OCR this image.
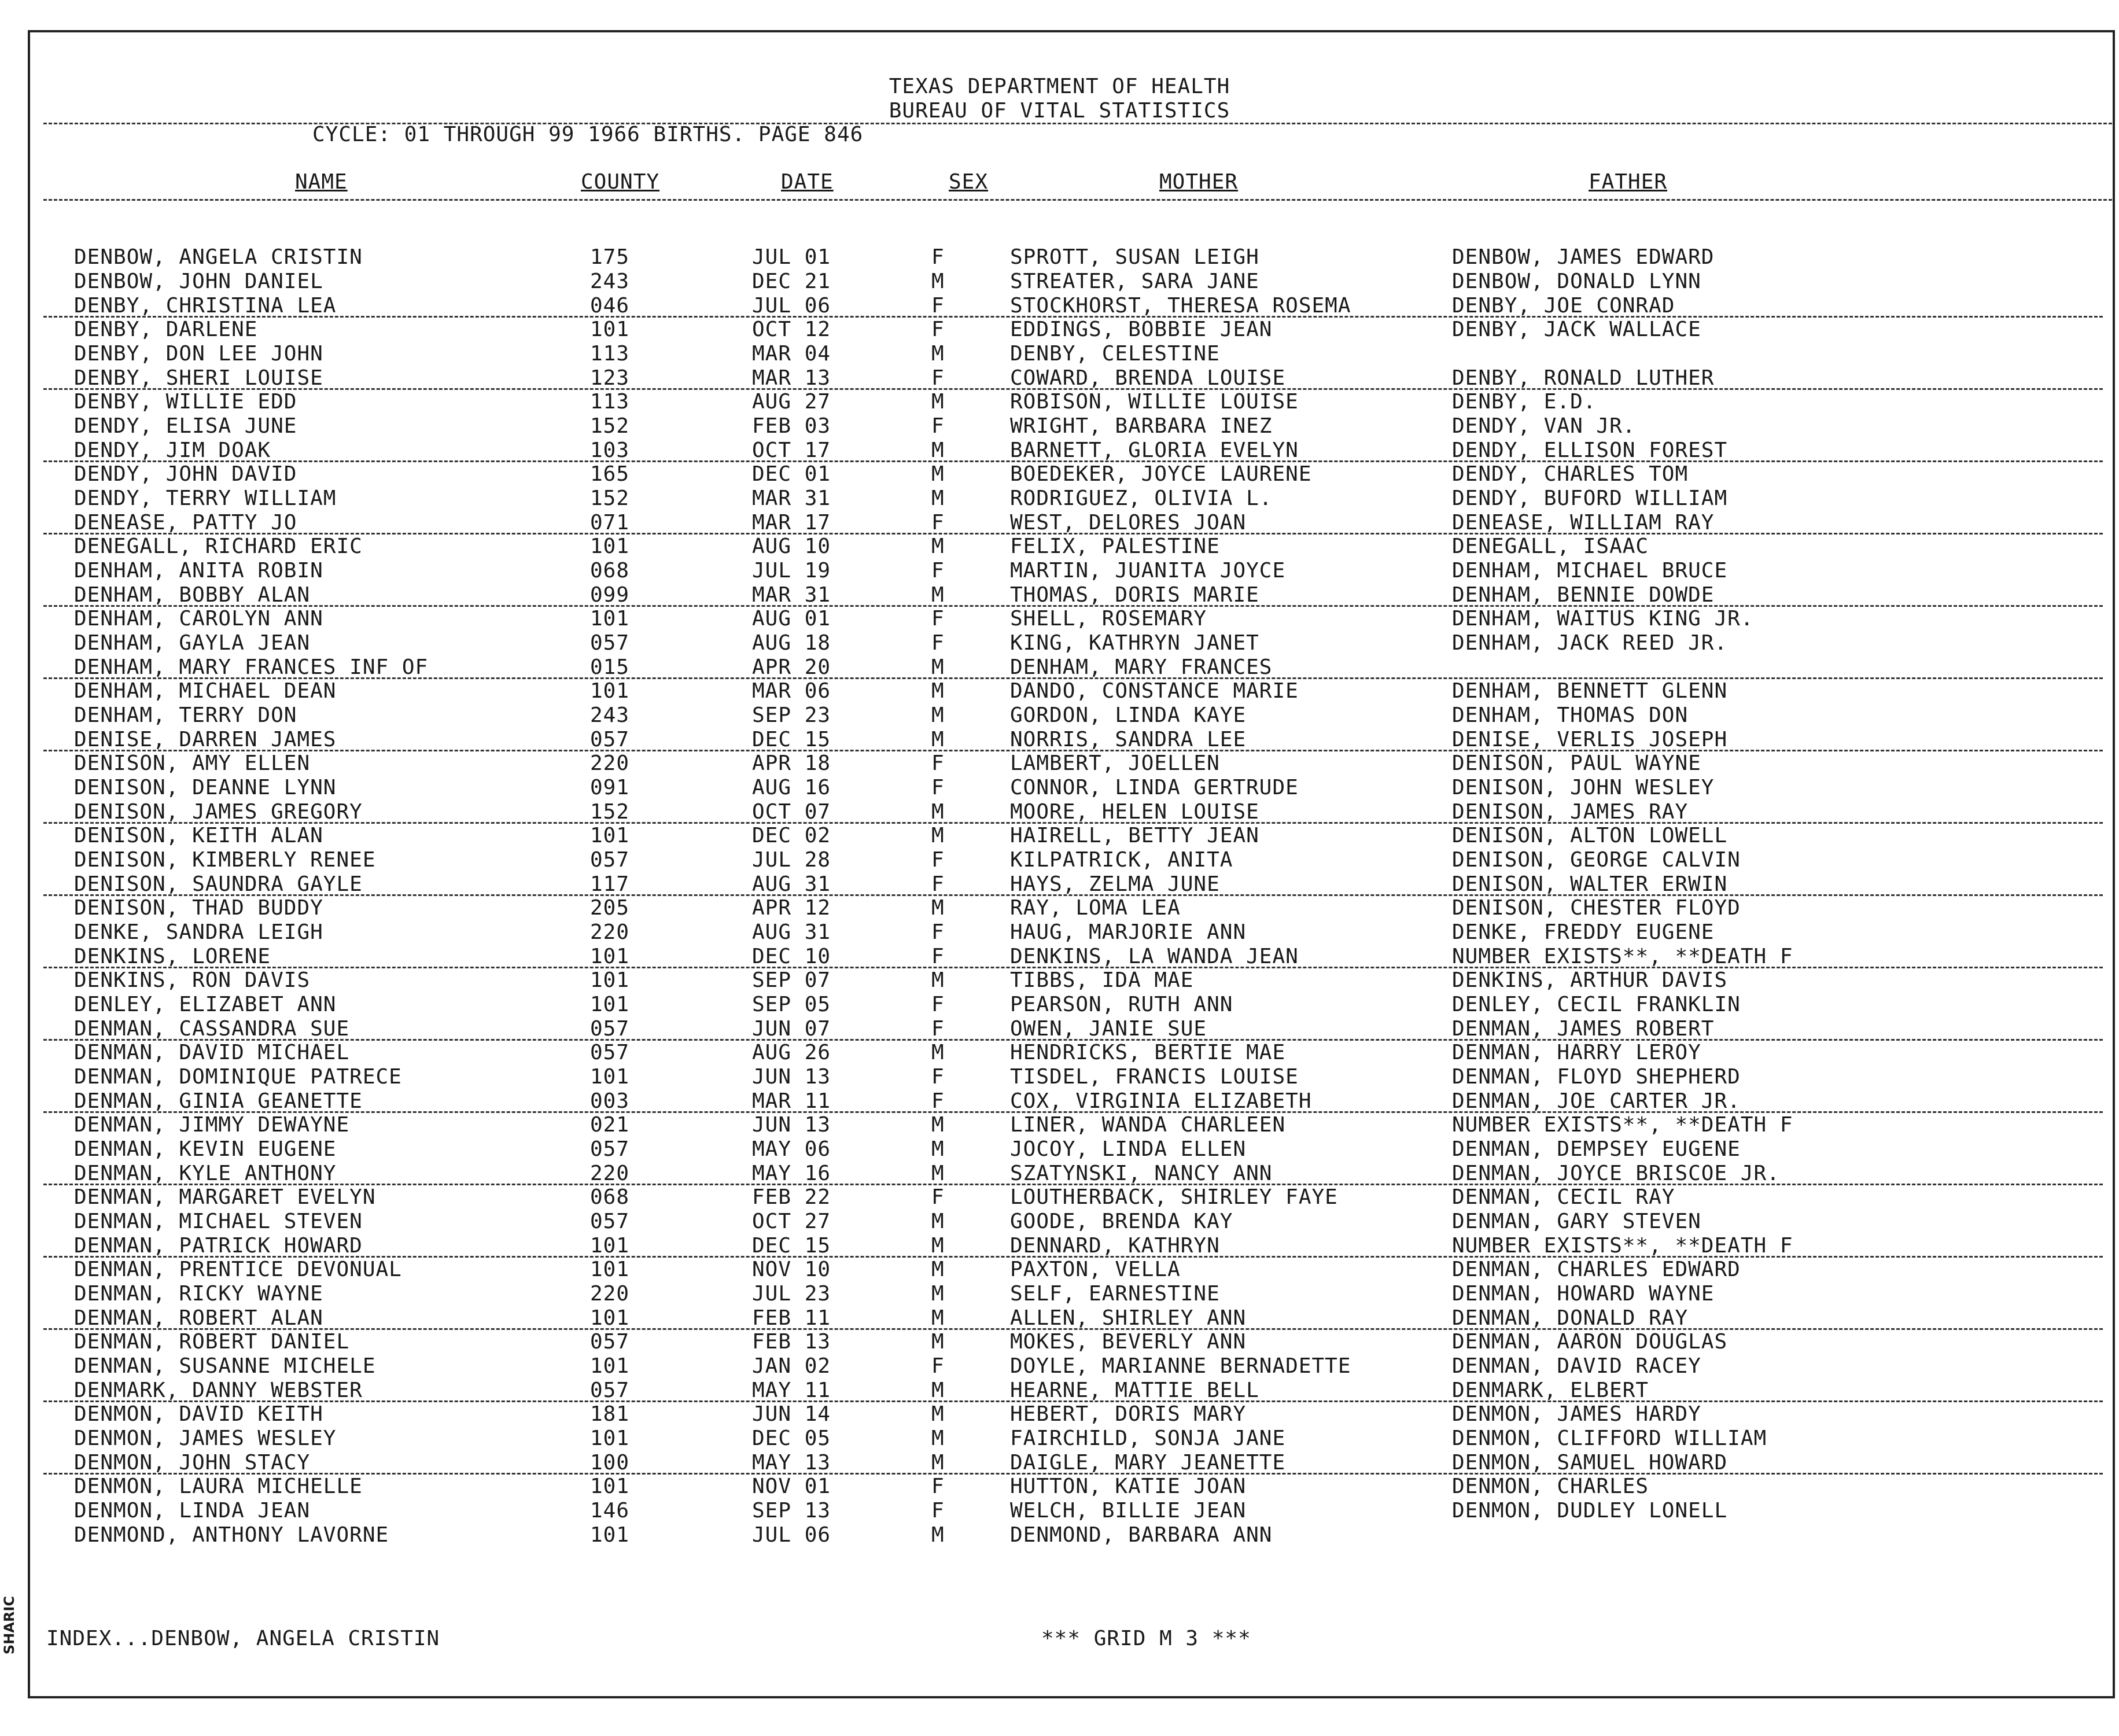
TEXAS DEPARTMENT OF HEALTH
BUREAU OF VITAL STATISTICS
CYCLE: 01 THROUGH 99 1966 BIRTHS. PAGE 846
NAME	COUNTY	DATE	SEX	MOTHER	FATHER
DENBOW, ANGELA CRISTIN	175	JUL 01	F	SPROTT, SUSAN LEIGH	DENBOW, JAMES EDWARD
DENBOW, JOHN DANIEL	243	DEC 21	M	STREATER, SARA JANE	DENBOW, DONALD LYNN
DENBY, CHRISTINA LEA	046	JUL 06	F	STOCKHORST, THERESA ROSEMA	DENBY, JOE CONRAD
DENBY, DARLENE	101	OCT 12	F	EDDINGS, BOBBIE JEAN	DENBY, JACK WALLACE
DENBY, DON LEE JOHN	113	MAR 04	M	DENBY, CELESTINE
DENBY, SHERI LOUISE	123	MAR 13	F	COWARD, BRENDA LOUISE	DENBY, RONALD LUTHER
DENBY, WILLIE EDD	113	AUG 27	M	ROBISON, WILLIE LOUISE	DENBY, E.D.
DENDY, ELISA JUNE	152	FEB 03	F	WRIGHT, BARBARA INEZ	DENDY, VAN JR.
DENDY, JIM DOAK	103	OCT 17	M	BARNETT, GLORIA EVELYN	DENDY, ELLISON FOREST
DENDY, JOHN DAVID	165	DEC 01	M	BOEDEKER, JOYCE LAURENE	DENDY, CHARLES TOM
DENDY, TERRY WILLIAM	152	MAR 31	M	RODRIGUEZ, OLIVIA L.	DENDY, BUFORD WILLIAM
DENEASE, PATTY JO	071	MAR 17	F	WEST, DELORES JOAN	DENEASE, WILLIAM RAY
DENEGALL, RICHARD ERIC	101	AUG 10	M	FELIX, PALESTINE	DENEGALL, ISAAC
DENHAM, ANITA ROBIN	068	JUL 19	F	MARTIN, JUANITA JOYCE	DENHAM, MICHAEL BRUCE
DENHAM, BOBBY ALAN	099	MAR 31	M	THOMAS, DORIS MARIE	DENHAM, BENNIE DOWDE
DENHAM, CAROLYN ANN	101	AUG 01	F	SHELL, ROSEMARY	DENHAM, WAITUS KING JR.
DENHAM, GAYLA JEAN	057	AUG 18	F	KING, KATHRYN JANET	DENHAM, JACK REED JR.
DENHAM, MARY FRANCES INF OF	015	APR 20	M	DENHAM, MARY FRANCES
DENHAM, MICHAEL DEAN	101	MAR 06	M	DANDO, CONSTANCE MARIE	DENHAM, BENNETT GLENN
DENHAM, TERRY DON	243	SEP 23	M	GORDON, LINDA KAYE	DENHAM, THOMAS DON
DENISE, DARREN JAMES	057	DEC 15	M	NORRIS, SANDRA LEE	DENISE, VERLIS JOSEPH
DENISON, AMY ELLEN	220	APR 18	F	LAMBERT, JOELLEN	DENISON, PAUL WAYNE
DENISON, DEANNE LYNN	091	AUG 16	F	CONNOR, LINDA GERTRUDE	DENISON, JOHN WESLEY
DENISON, JAMES GREGORY	152	OCT 07	M	MOORE, HELEN LOUISE	DENISON, JAMES RAY
DENISON, KEITH ALAN	101	DEC 02	M	HAIRELL, BETTY JEAN	DENISON, ALTON LOWELL
DENISON, KIMBERLY RENEE	057	JUL 28	F	KILPATRICK, ANITA	DENISON, GEORGE CALVIN
DENISON, SAUNDRA GAYLE	117	AUG 31	F	HAYS, ZELMA JUNE	DENISON, WALTER ERWIN
DENISON, THAD BUDDY	205	APR 12	M	RAY, LOMA LEA	DENISON, CHESTER FLOYD
DENKE, SANDRA LEIGH	220	AUG 31	F	HAUG, MARJORIE ANN	DENKE, FREDDY EUGENE
DENKINS, LORENE	101	DEC 10	F	DENKINS, LA WANDA JEAN	NUMBER EXISTS**, **DEATH F
DENKINS, RON DAVIS	101	SEP 07	M	TIBBS, IDA MAE	DENKINS, ARTHUR DAVIS
DENLEY, ELIZABET ANN	101	SEP 05	F	PEARSON, RUTH ANN	DENLEY, CECIL FRANKLIN
DENMAN, CASSANDRA SUE	057	JUN 07	F	OWEN, JANIE SUE	DENMAN, JAMES ROBERT
DENMAN, DAVID MICHAEL	057	AUG 26	M	HENDRICKS, BERTIE MAE	DENMAN, HARRY LEROY
DENMAN, DOMINIQUE PATRECE	101	JUN 13	F	TISDEL, FRANCIS LOUISE	DENMAN, FLOYD SHEPHERD
DENMAN, GINIA GEANETTE	003	MAR 11	F	COX, VIRGINIA ELIZABETH	DENMAN, JOE CARTER JR.
DENMAN, JIMMY DEWAYNE	021	JUN 13	M	LINER, WANDA CHARLEEN	NUMBER EXISTS**, **DEATH F
DENMAN, KEVIN EUGENE	057	MAY 06	M	JOCOY, LINDA ELLEN	DENMAN, DEMPSEY EUGENE
DENMAN, KYLE ANTHONY	220	MAY 16	M	SZATYNSKI, NANCY ANN	DENMAN, JOYCE BRISCOE JR.
DENMAN, MARGARET EVELYN	068	FEB 22	F	LOUTHERBACK, SHIRLEY FAYE	DENMAN, CECIL RAY
DENMAN, MICHAEL STEVEN	057	OCT 27	M	GOODE, BRENDA KAY	DENMAN, GARY STEVEN
DENMAN, PATRICK HOWARD	101	DEC 15	M	DENNARD, KATHRYN	NUMBER EXISTS**, **DEATH F
DENMAN, PRENTICE DEVONUAL	101	NOV 10	M	PAXTON, VELLA	DENMAN, CHARLES EDWARD
DENMAN, RICKY WAYNE	220	JUL 23	M	SELF, EARNESTINE	DENMAN, HOWARD WAYNE
DENMAN, ROBERT ALAN	101	FEB 11	M	ALLEN, SHIRLEY ANN	DENMAN, DONALD RAY
DENMAN, ROBERT DANIEL	057	FEB 13	M	MOKES, BEVERLY ANN	DENMAN, AARON DOUGLAS
DENMAN, SUSANNE MICHELE	101	JAN 02	F	DOYLE, MARIANNE BERNADETTE	DENMAN, DAVID RACEY
DENMARK, DANNY WEBSTER	057	MAY 11	M	HEARNE, MATTIE BELL	DENMARK, ELBERT
DENMON, DAVID KEITH	181	JUN 14	M	HEBERT, DORIS MARY	DENMON, JAMES HARDY
DENMON, JAMES WESLEY	101	DEC 05	M	FAIRCHILD, SONJA JANE	DENMON, CLIFFORD WILLIAM
DENMON, JOHN STACY	100	MAY 13	M	DAIGLE, MARY JEANETTE	DENMON, SAMUEL HOWARD
DENMON, LAURA MICHELLE	101	NOV 01	F	HUTTON, KATIE JOAN	DENMON, CHARLES
DENMON, LINDA JEAN	146	SEP 13	F	WELCH, BILLIE JEAN	DENMON, DUDLEY LONELL
DENMOND, ANTHONY LAVORNE	101	JUL 06	M	DENMOND, BARBARA ANN
INDEX...DENBOW, ANGELA CRISTIN	*** GRID M 3 ***
SHARIC
